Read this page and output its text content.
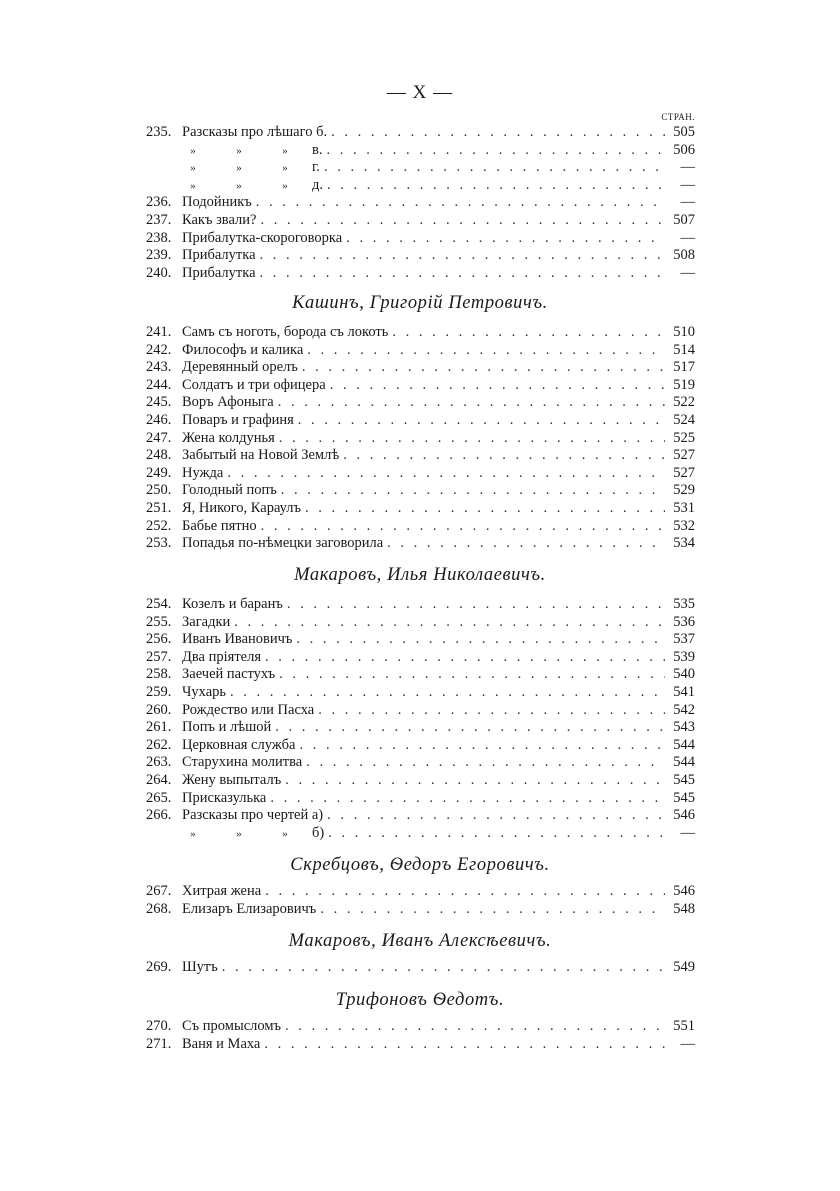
— X —
СТРАН.
235. Разсказы про лѣшаго б. . . .	505
»	»	»	в. . . .	506
»	»	»	г. . . .	—
»	»	»	д. . . .	—
236. Подойникъ . . .	—
237. Какъ звали? . . .	507
238. Прибалутка-скороговорка . . .	—
239. Прибалутка . . .	508
240. Прибалутка . . .	—
Кашинъ, Григорій Петровичъ.
241. Самъ съ ноготь, борода съ локоть . . .	510
242. Философъ и калика . . .	514
243. Деревянный орелъ . . .	517
244. Солдатъ и три офицера . . .	519
245. Воръ Афоныга . . .	522
246. Поваръ и графиня . . .	524
247. Жена колдунья . . .	525
248. Забытый на Новой Землѣ . . .	527
249. Нужда . . .	527
250. Голодный попъ . . .	529
251. Я, Никого, Караулъ . . .	531
252. Бабье пятно . . .	532
253. Попадья по-нѣмецки заговорила . . .	534
Макаровъ, Илья Николаевичъ.
254. Козелъ и баранъ . . .	535
255. Загадки . . .	536
256. Иванъ Ивановичъ . . .	537
257. Два пріятеля . . .	539
258. Заечей пастухъ . . .	540
259. Чухарь . . .	541
260. Рождество или Пасха . . .	542
261. Попъ и лѣшой . . .	543
262. Церковная служба . . .	544
263. Старухина молитва . . .	544
264. Жену выпыталъ . . .	545
265. Присказулька . . .	545
266. Разсказы про чертей а) . . .	546
»	»	»	б) . . .	—
Скребцовъ, Ѳедоръ Егоровичъ.
267. Хитрая жена . . .	546
268. Елизаръ Елизаровичъ . . .	548
Макаровъ, Иванъ Алексѣевичъ.
269. Шутъ . . .	549
Трифоновъ Ѳедотъ.
270. Съ промысломъ . . .	551
271. Ваня и Маха . . .	—
